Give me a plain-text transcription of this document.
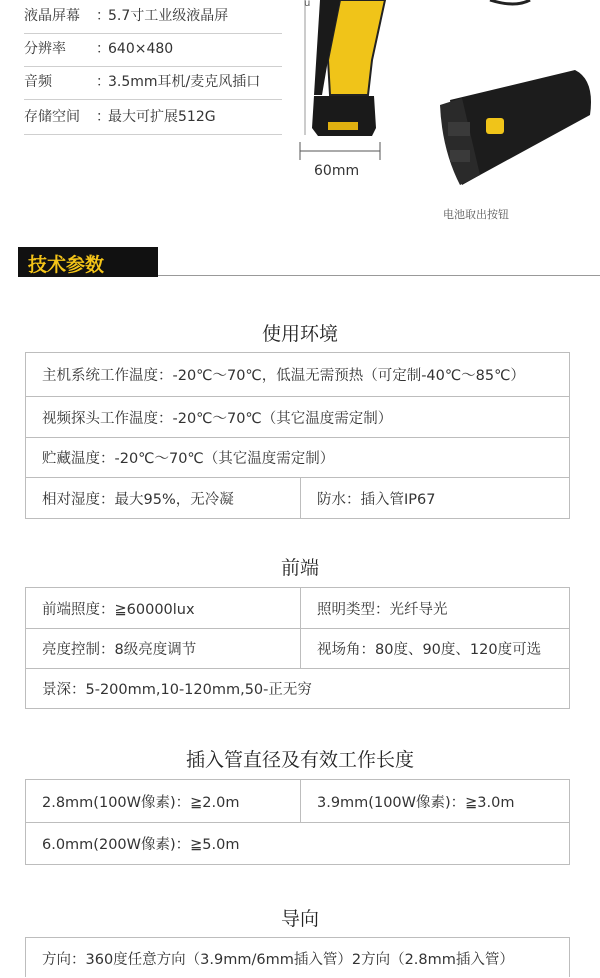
液晶屏幕 ：5.7寸工业级液晶屏
分辨率 ：640×480
音频	：3.5mm耳机/麦克风插口
存储空间 ：最大可扩展512G
u
60mm
电池取出按钮
技术参数
使用环境
主机系统工作温度：-20℃～70℃，低温无需预热（可定制-40℃～85℃）
视频探头工作温度：-20℃～70℃（其它温度需定制）
贮藏温度：-20℃～70℃（其它温度需定制）
相对湿度：最大95%，无冷凝	防水：插入管IP67
前端
前端照度：≧60000lux	照明类型：光纤导光
亮度控制：8级亮度调节	视场角：80度、90度、120度可选
景深：5-200mm,10-120mm,50-正无穷
插入管直径及有效工作长度
2.8mm(100W像素)：≧2.0m	3.9mm(100W像素)：≧3.0m
6.0mm(200W像素)：≧5.0m
导向
方向：360度任意方向（3.9mm/6mm插入管）2方向（2.8mm插入管）
